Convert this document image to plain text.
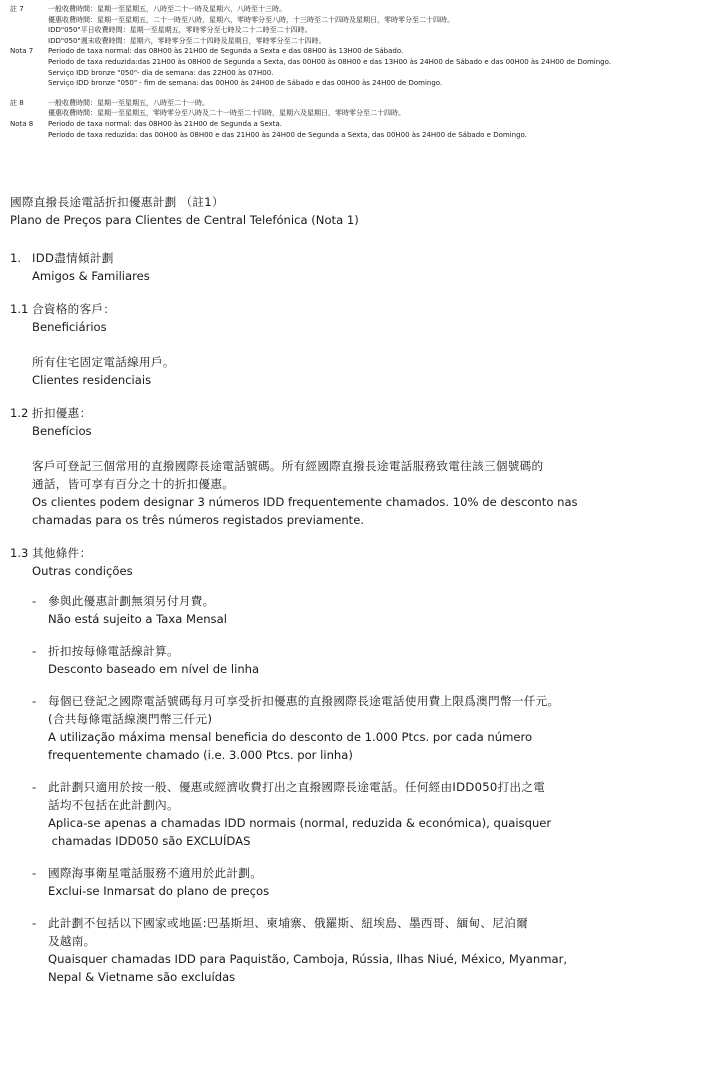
註 7	一般收費時間：星期一至星期五，八時至二十一時及星期六，八時至十三時。
優惠收費時間：星期一至星期五，二十一時至八時，星期六，零時零分至八時，十三時至二十四時及星期日，零時零分至二十四時。
IDD"050"平日收費時間：星期一至星期五，零時零分至七時及二十二時至二十四時。
IDD"050"週末收費時間：星期六，零時零分至二十四時及星期日，零時零分至二十四時。
Nota 7	Periodo de taxa normal: das 08H00 às 21H00 de Segunda a Sexta e das 08H00 às 13H00 de Sábado.
Periodo de taxa reduzida:das 21H00 às 08H00 de Segunda a Sexta, das 00H00 às 08H00 e das 13H00 às 24H00 de Sábado e das 00H00 às 24H00 de Domingo.
Serviço IDD bronze "050"- dia de semana: das 22H00 às 07H00.
Serviço IDD bronze "050" - fim de semana: das 00H00 às 24H00 de Sábado e das 00H00 às 24H00 de Domingo.
註 8	一般收費時間：星期一至星期五，八時至二十一時。
優惠收費時間：星期一至星期五，零時零分至八時及二十一時至二十四時，星期六及星期日，零時零分至二十四時。
Nota 8	Periodo de taxa normal: das 08H00 às 21H00 de Segunda a Sexta.
Periodo de taxa reduzida: das 00H00 às 08H00 e das 21H00 às 24H00 de Segunda a Sexta, das 00H00 às 24H00 de Sábado e Domingo.
國際直撥長途電話折扣優惠計劃 （註1）
Plano de Preços para Clientes de Central Telefónica (Nota 1)
1. IDD盡情傾計劃
Amigos & Familiares
1.1 合資格的客戶：
Beneficiários
所有住宅固定電話線用戶。
Clientes residenciais
1.2 折扣優惠：
Benefícios
客戶可登記三個常用的直撥國際長途電話號碼。所有經國際直撥長途電話服務致電往該三個號碼的
通話，皆可享有百分之十的折扣優惠。
Os clientes podem designar 3 números IDD frequentemente chamados. 10% de desconto nas
chamadas para os três números registados previamente.
1.3 其他條件：
Outras condições
-	參與此優惠計劃無須另付月費。
Não está sujeito a Taxa Mensal
-	折扣按每條電話線計算。
Desconto baseado em nível de linha
-	每個已登記之國際電話號碼每月可享受折扣優惠的直撥國際長途電話使用費上限爲澳門幣一仟元。
(合共每條電話線澳門幣三仟元)
A utilização máxima mensal beneficia do desconto de 1.000 Ptcs. por cada número
frequentemente chamado (i.e. 3.000 Ptcs. por linha)
-	此計劃只適用於按一般、優惠或經濟收費打出之直撥國際長途電話。任何經由IDD050打出之電
話均不包括在此計劃內。
Aplica-se apenas a chamadas IDD normais (normal, reduzida & económica), quaisquer
chamadas IDD050 são EXCLUÍDAS
-	國際海事衛星電話服務不適用於此計劃。
Exclui-se Inmarsat do plano de preços
-	此計劃不包括以下國家或地區:巴基斯坦、柬埔寨、俄羅斯、紐埃島、墨西哥、緬甸、尼泊爾
及越南。
Quaisquer chamadas IDD para Paquistão, Camboja, Rússia, Ilhas Niué, México, Myanmar,
Nepal & Vietname são excluídas
